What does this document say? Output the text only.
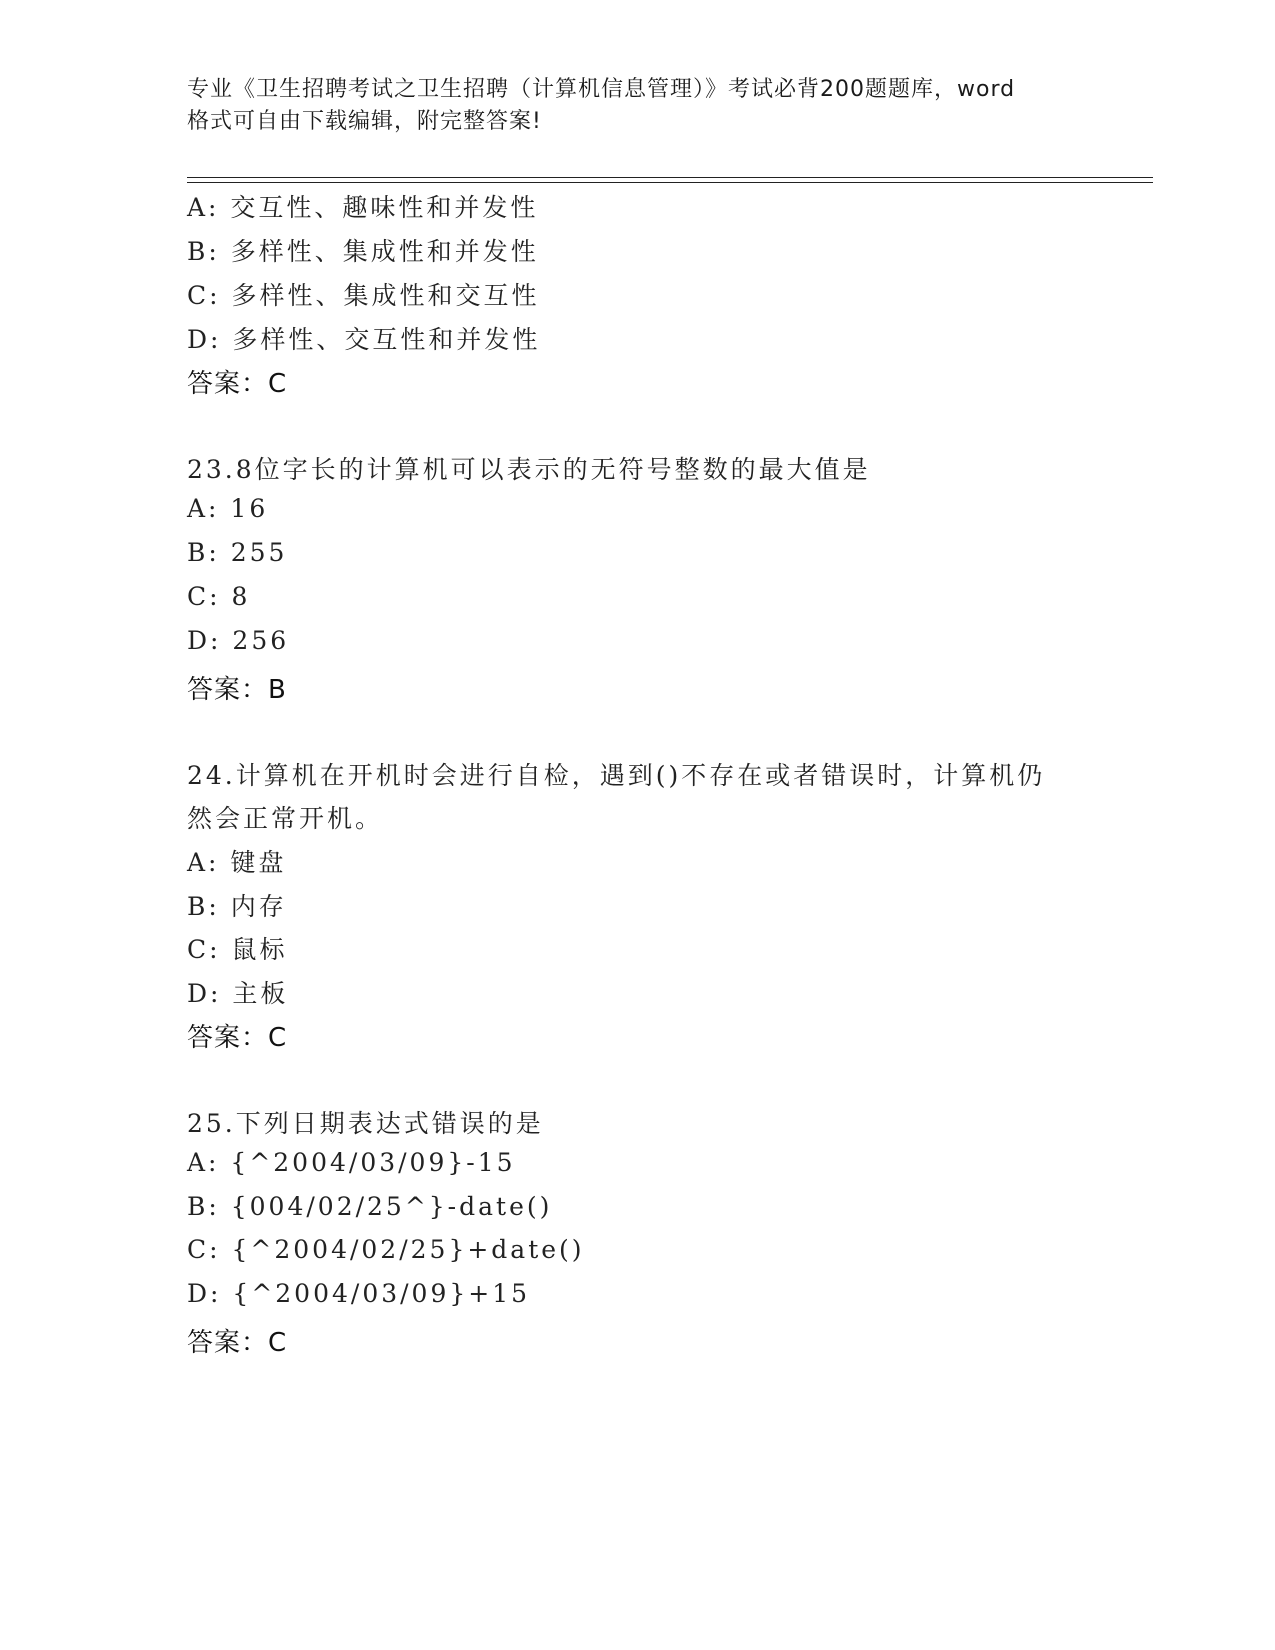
专业《卫生招聘考试之卫生招聘（计算机信息管理）》考试必背200题题库，word
格式可自由下载编辑，附完整答案!
A: 交互性、趣味性和并发性
B: 多样性、集成性和并发性
C: 多样性、集成性和交互性
D: 多样性、交互性和并发性
答案：C
23.8位字长的计算机可以表示的无符号整数的最大值是
A: 16
B: 255
C: 8
D: 256
答案：B
24.计算机在开机时会进行自检，遇到()不存在或者错误时，计算机仍
然会正常开机。
A: 键盘
B: 内存
C: 鼠标
D: 主板
答案：C
25.下列日期表达式错误的是
A: {^2004/03/09}-15
B: {004/02/25^}-date()
C: {^2004/02/25}+date()
D: {^2004/03/09}+15
答案：C
